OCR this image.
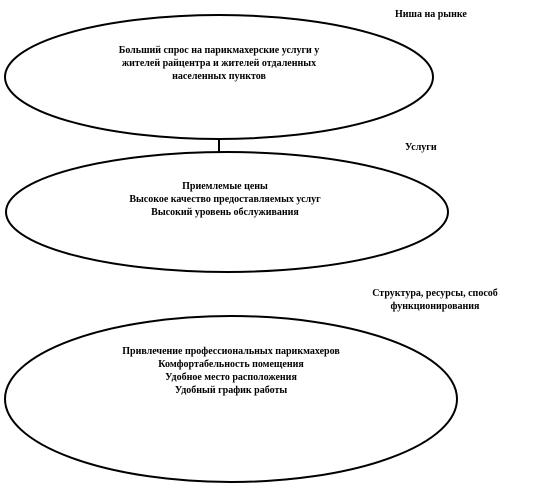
Ниша на рынке
Услуги
Структура, ресурсы, способ
функционирования
Больший спрос на парикмахерские услуги у
жителей райцентра и жителей отдаленных
населенных пунктов
Приемлемые цены
Высокое качество предоставляемых услуг
Высокий уровень обслуживания
Привлечение профессиональных парикмахеров
Комфортабельность помещения
Удобное место расположения
Удобный график работы
